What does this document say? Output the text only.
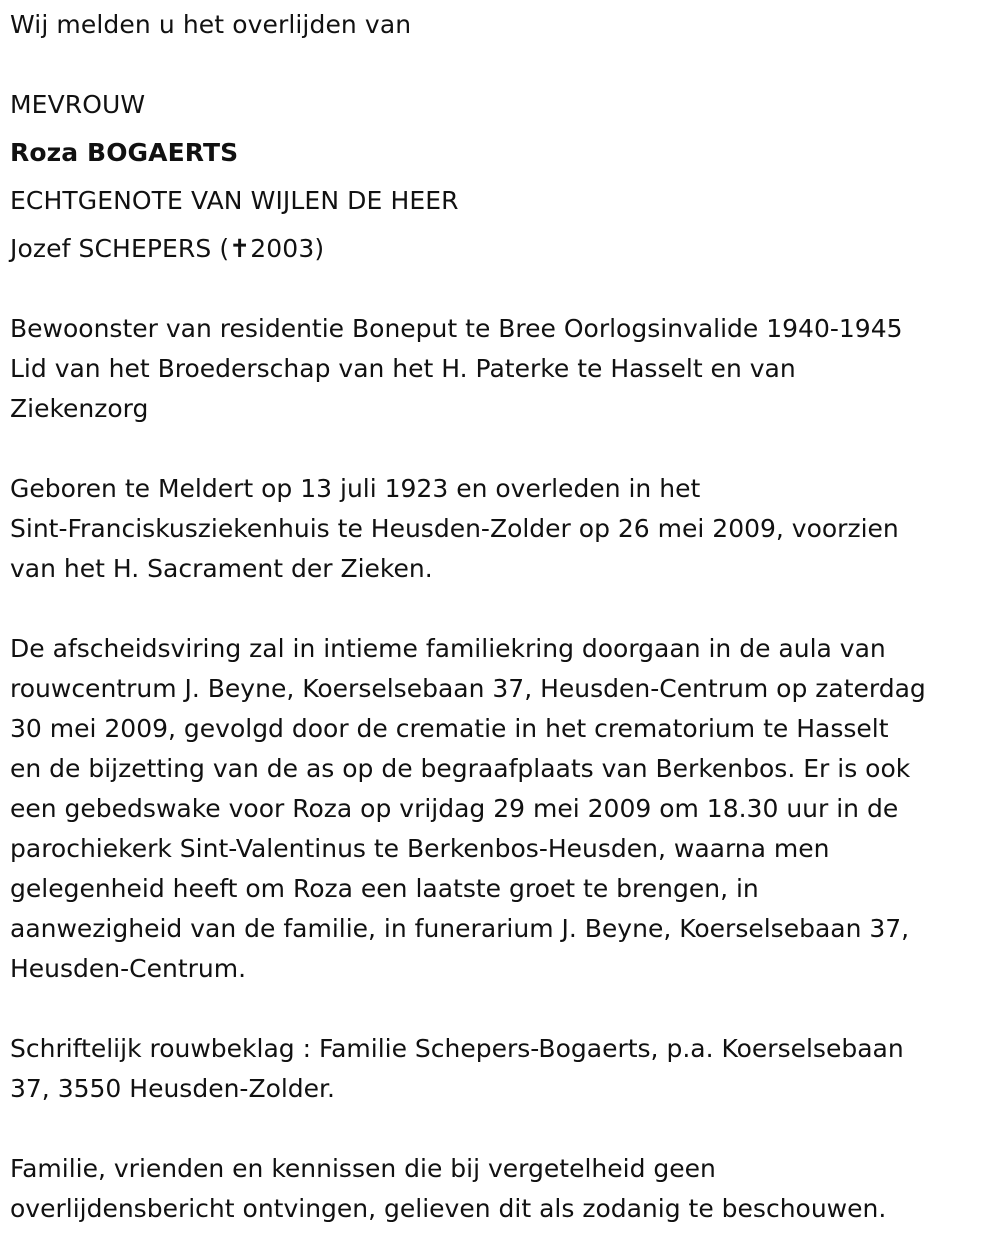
Wij melden u het overlijden van

MEVROUW

Roza BOGAERTS

ECHTGENOTE VAN WIJLEN DE HEER

Jozef SCHEPERS (✝2003)

Bewoonster van residentie Boneput te Bree Oorlogsinvalide 1940-1945
Lid van het Broederschap van het H. Paterke te Hasselt en van
Ziekenzorg
Geboren te Meldert op 13 juli 1923 en overleden in het
Sint-Franciskusziekenhuis te Heusden-Zolder op 26 mei 2009, voorzien
van het H. Sacrament der Zieken.
De afscheidsviring zal in intieme familiekring doorgaan in de aula van
rouwcentrum J. Beyne, Koerselsebaan 37, Heusden-Centrum op zaterdag
30 mei 2009, gevolgd door de crematie in het crematorium te Hasselt
en de bijzetting van de as op de begraafplaats van Berkenbos. Er is ook
een gebedswake voor Roza op vrijdag 29 mei 2009 om 18.30 uur in de
parochiekerk Sint-Valentinus te Berkenbos-Heusden, waarna men
gelegenheid heeft om Roza een laatste groet te brengen, in
aanwezigheid van de familie, in funerarium J. Beyne, Koerselsebaan 37,
Heusden-Centrum.
Schriftelijk rouwbeklag : Familie Schepers-Bogaerts, p.a. Koerselsebaan
37, 3550 Heusden-Zolder.
Familie, vrienden en kennissen die bij vergetelheid geen
overlijdensbericht ontvingen, gelieven dit als zodanig te beschouwen.
